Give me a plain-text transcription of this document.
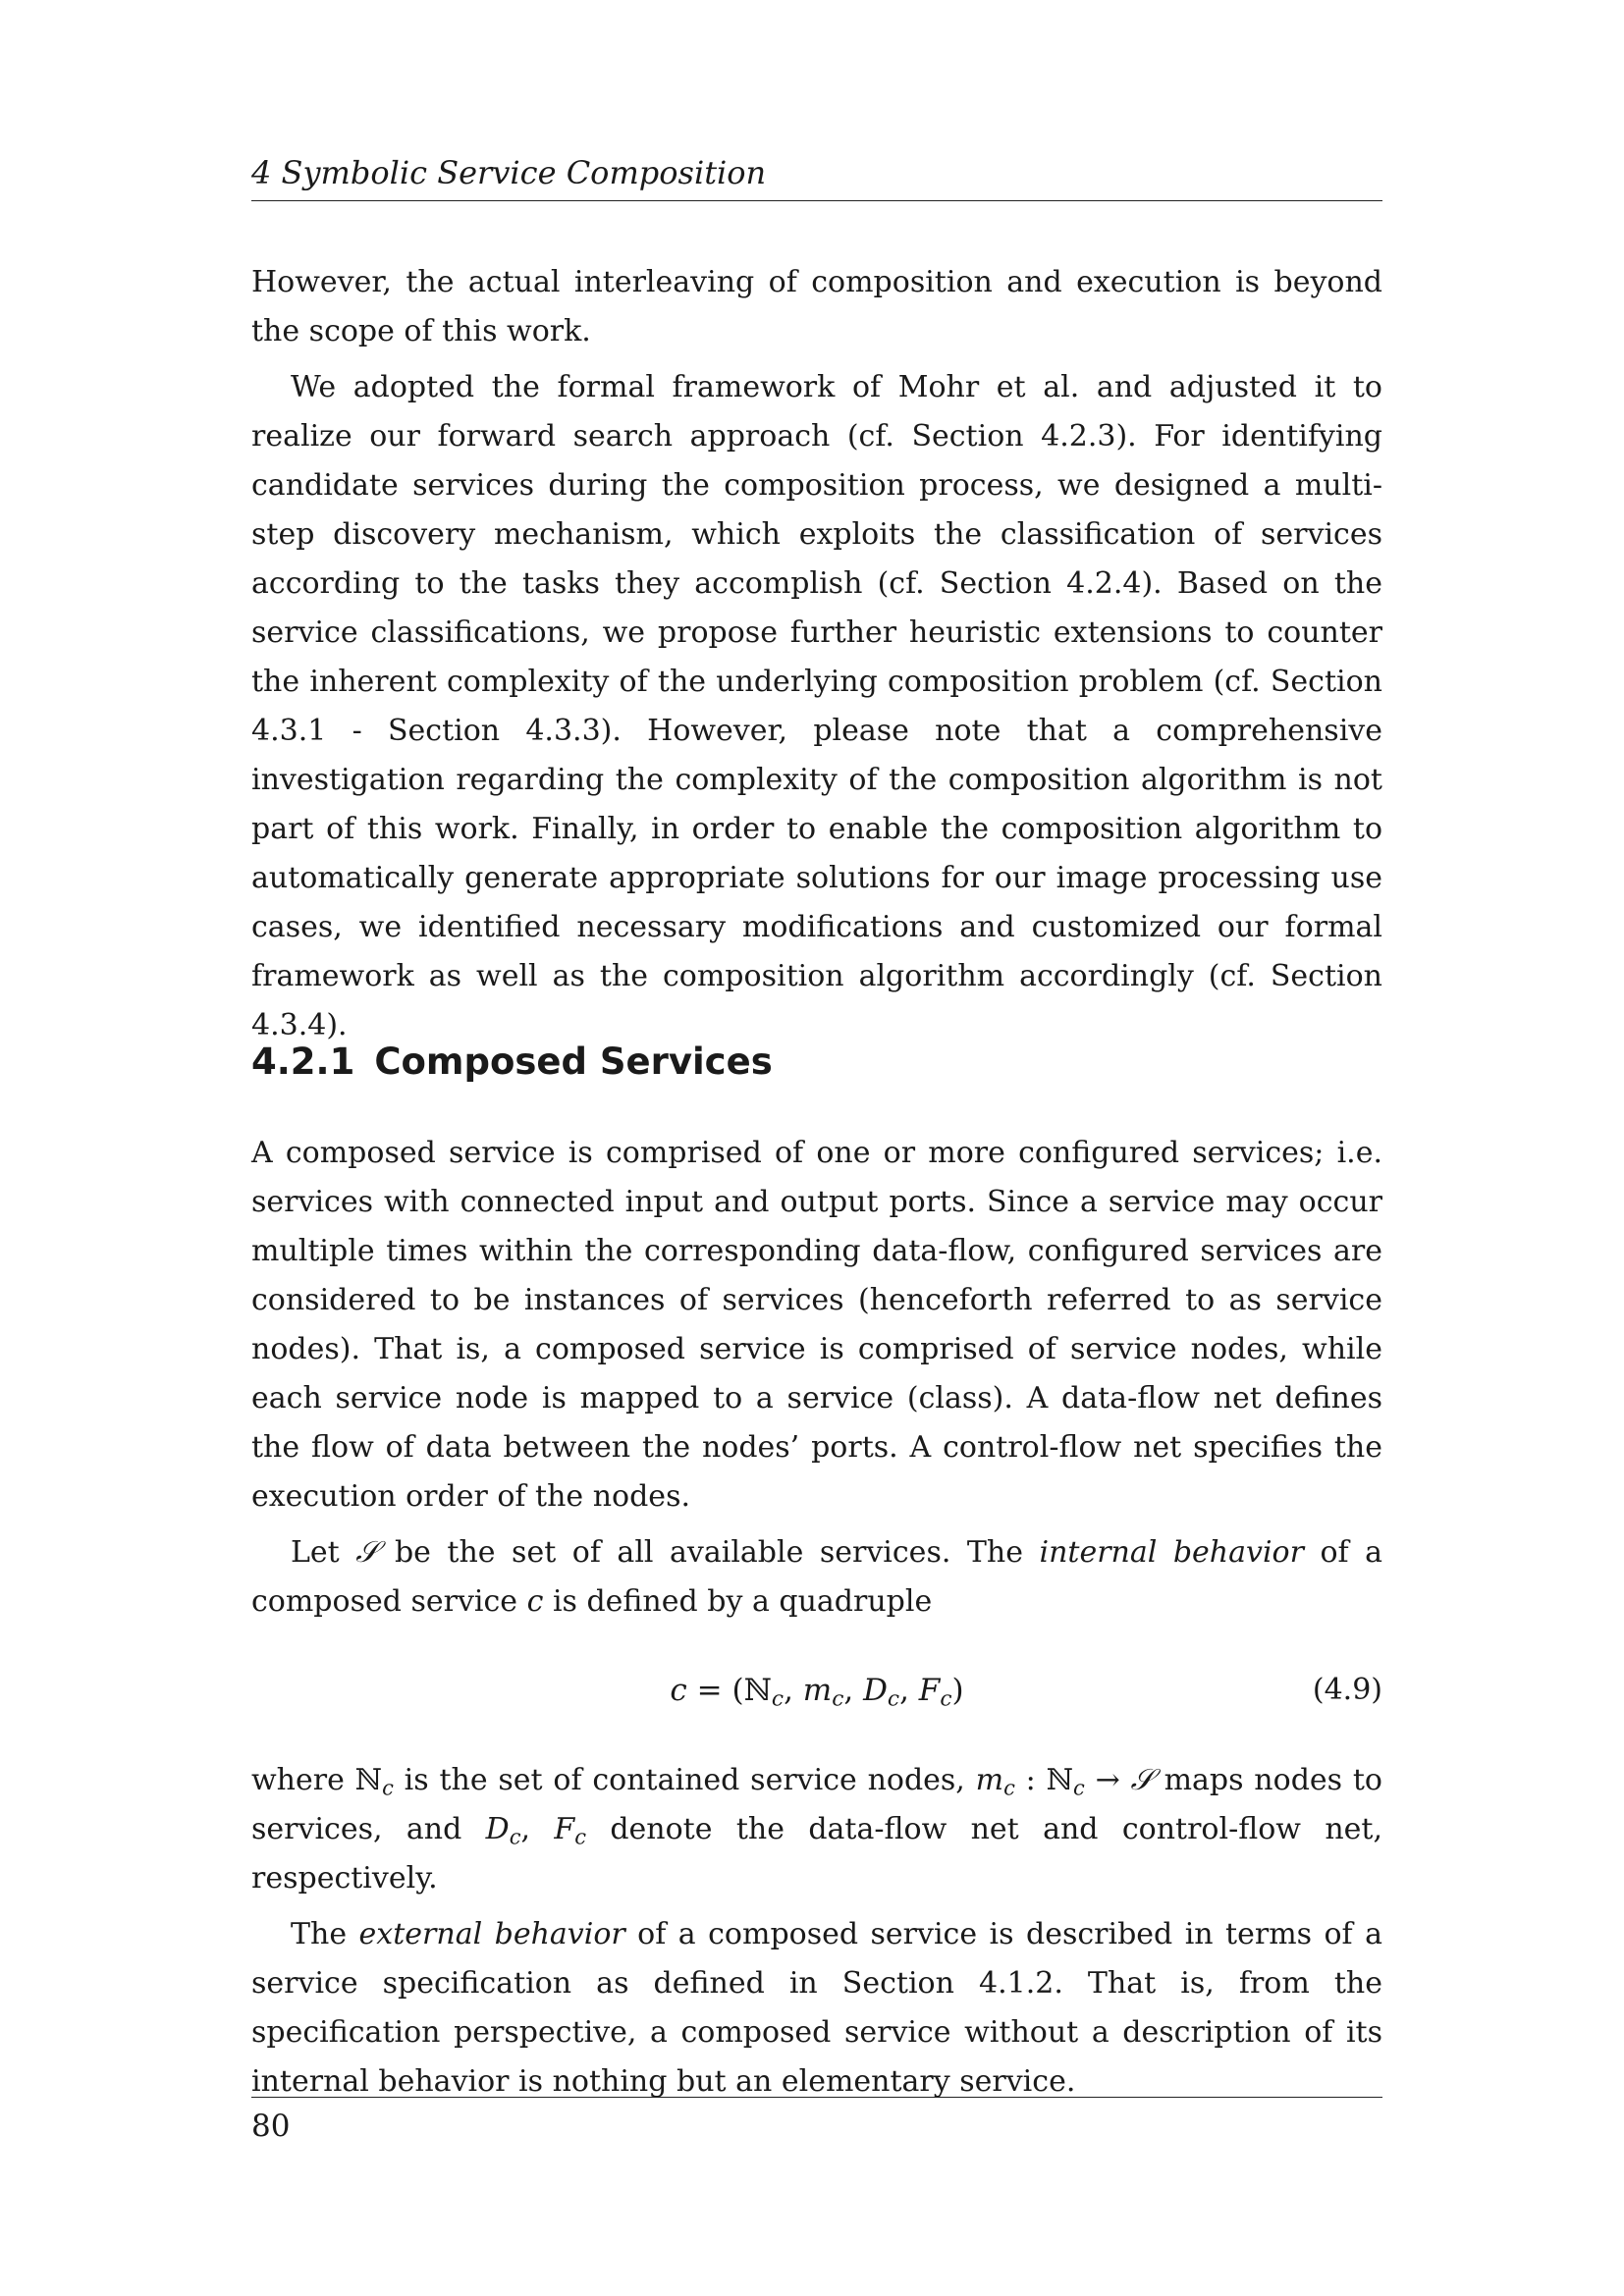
4 Symbolic Service Composition

However, the actual interleaving of composition and execution is beyond the scope of this work.

We adopted the formal framework of Mohr et al. and adjusted it to realize our forward search approach (cf. Section 4.2.3). For identifying candidate services during the composition process, we designed a multi-step discovery mechanism, which exploits the classification of services according to the tasks they accomplish (cf. Section 4.2.4). Based on the service classifications, we propose further heuristic extensions to counter the inherent complexity of the underlying composition problem (cf. Section 4.3.1 - Section 4.3.3). However, please note that a comprehensive investigation regarding the complexity of the composition algorithm is not part of this work. Finally, in order to enable the composition algorithm to automatically generate appropriate solutions for our image processing use cases, we identified necessary modifications and customized our formal framework as well as the composition algorithm accordingly (cf. Section 4.3.4).

4.2.1 Composed Services

A composed service is comprised of one or more configured services; i.e. services with connected input and output ports. Since a service may occur multiple times within the corresponding data-flow, configured services are considered to be instances of services (henceforth referred to as service nodes). That is, a composed service is comprised of service nodes, while each service node is mapped to a service (class). A data-flow net defines the flow of data between the nodes’ ports. A control-flow net specifies the execution order of the nodes.

Let 𝒮 be the set of all available services. The internal behavior of a composed service c is defined by a quadruple

c = (ℕ$_c$, $m_c$, $D_c$, $F_c$)	(4.9)

where ℕ$_c$ is the set of contained service nodes, $m_c$ : ℕ$_c$ → 𝒮 maps nodes to services, and $D_c$, $F_c$ denote the data-flow net and control-flow net, respectively.

The external behavior of a composed service is described in terms of a service specification as defined in Section 4.1.2. That is, from the specification perspective, a composed service without a description of its internal behavior is nothing but an elementary service.

80
